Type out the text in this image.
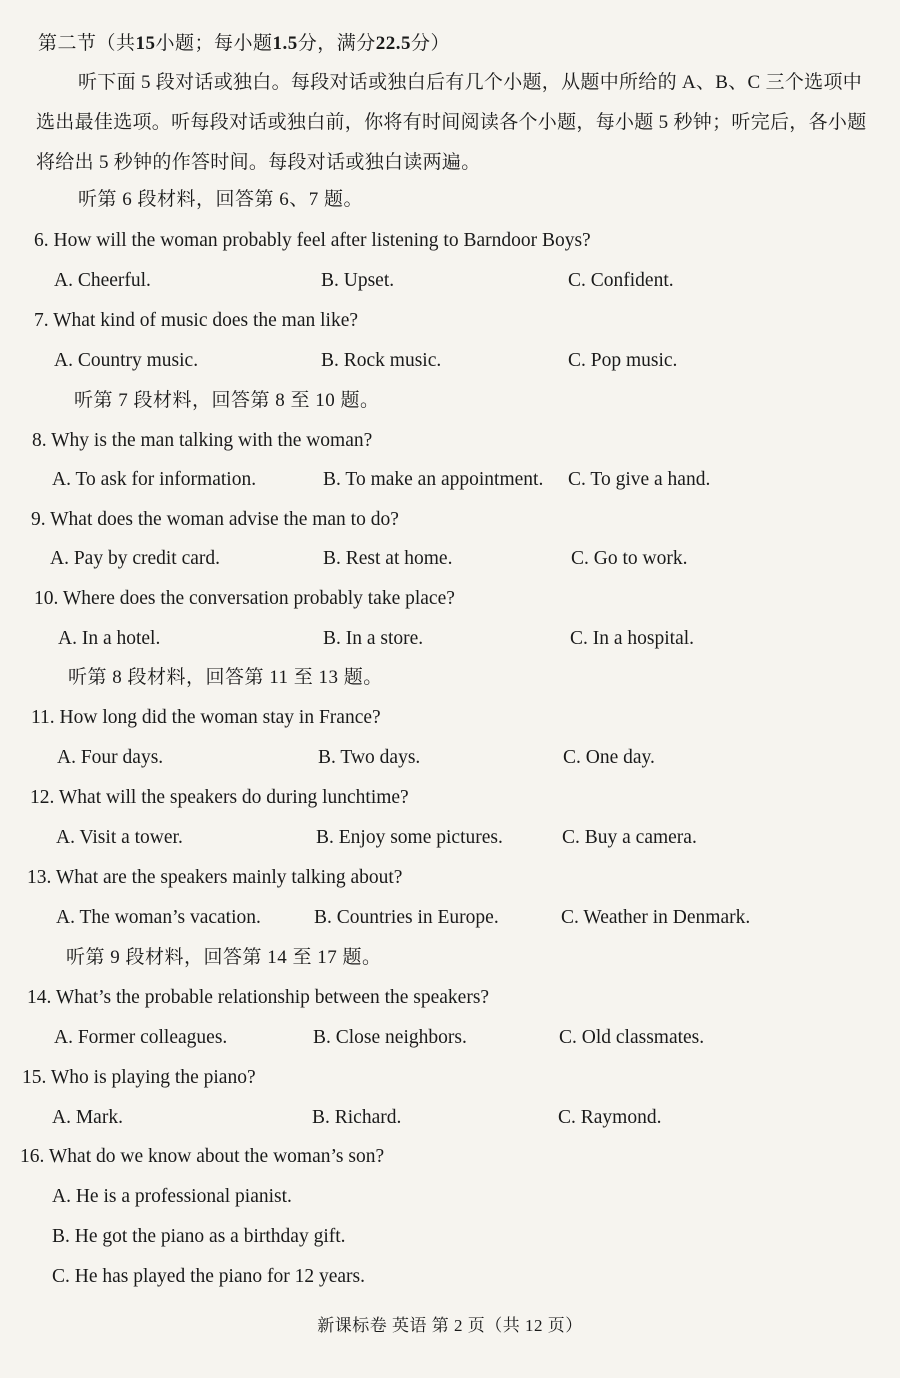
第二节（共15小题；每小题1.5分，满分22.5分）
听下面 5 段对话或独白。每段对话或独白后有几个小题，从题中所给的 A、B、C 三个选项中选出最佳选项。听每段对话或独白前，你将有时间阅读各个小题，每小题 5 秒钟；听完后，各小题将给出 5 秒钟的作答时间。每段对话或独白读两遍。
听第 6 段材料，回答第 6、7 题。
6. How will the woman probably feel after listening to Barndoor Boys?
A. Cheerful.	B. Upset.	C. Confident.
7. What kind of music does the man like?
A. Country music.	B. Rock music.	C. Pop music.
听第 7 段材料，回答第 8 至 10 题。
8. Why is the man talking with the woman?
A. To ask for information.	B. To make an appointment. C. To give a hand.
9. What does the woman advise the man to do?
A. Pay by credit card.	B. Rest at home.	C. Go to work.
10. Where does the conversation probably take place?
A. In a hotel.	B. In a store.	C. In a hospital.
听第 8 段材料，回答第 11 至 13 题。
11. How long did the woman stay in France?
A. Four days.	B. Two days.	C. One day.
12. What will the speakers do during lunchtime?
A. Visit a tower.	B. Enjoy some pictures.	C. Buy a camera.
13. What are the speakers mainly talking about?
A. The woman’s vacation.	B. Countries in Europe.	C. Weather in Denmark.
听第 9 段材料，回答第 14 至 17 题。
14. What’s the probable relationship between the speakers?
A. Former colleagues.	B. Close neighbors.	C. Old classmates.
15. Who is playing the piano?
A. Mark.	B. Richard.	C. Raymond.
16. What do we know about the woman’s son?
A. He is a professional pianist.
B. He got the piano as a birthday gift.
C. He has played the piano for 12 years.
新课标卷 英语 第 2 页（共 12 页）
